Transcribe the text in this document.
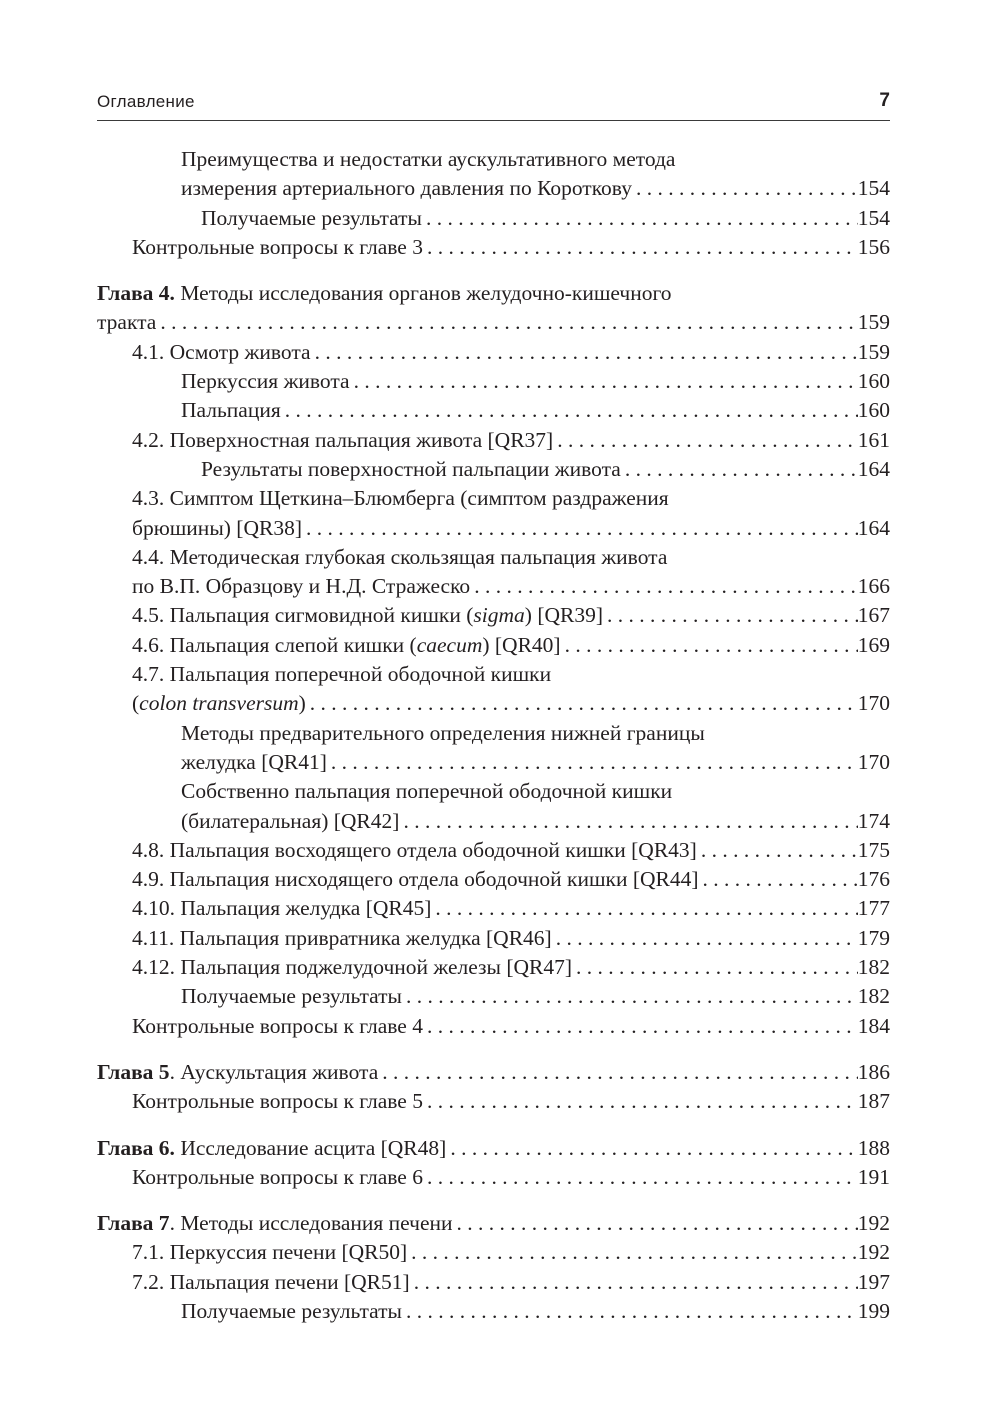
Оглавление	7
Преимущества и недостатки аускультативного метода
измерения артериального давления по Короткову . . .	154
Получаемые результаты . . .	154
Контрольные вопросы к главе 3 . . .	156
Глава 4. Методы исследования органов желудочно-кишечного
тракта . . .	159
4.1. Осмотр живота . . .	159
Перкуссия живота . . .	160
Пальпация . . .	160
4.2. Поверхностная пальпация живота [QR37] . . .	161
Результаты поверхностной пальпации живота . . .	164
4.3. Симптом Щеткина–Блюмберга (симптом раздражения
брюшины) [QR38] . . .	164
4.4. Методическая глубокая скользящая пальпация живота
по В.П. Образцову и Н.Д. Стражеско . . .	166
4.5. Пальпация сигмовидной кишки (sigma) [QR39] . . .	167
4.6. Пальпация слепой кишки (caecum) [QR40] . . .	169
4.7. Пальпация поперечной ободочной кишки
(colon transversum) . . .	170
Методы предварительного определения нижней границы
желудка [QR41] . . .	170
Собственно пальпация поперечной ободочной кишки
(билатеральная) [QR42] . . .	174
4.8. Пальпация восходящего отдела ободочной кишки [QR43] . . .	175
4.9. Пальпация нисходящего отдела ободочной кишки [QR44] . . .	176
4.10. Пальпация желудка [QR45] . . .	177
4.11. Пальпация привратника желудка [QR46] . . .	179
4.12. Пальпация поджелудочной железы [QR47] . . .	182
Получаемые результаты . . .	182
Контрольные вопросы к главе 4 . . .	184
Глава 5. Аускультация живота . . .	186
Контрольные вопросы к главе 5 . . .	187
Глава 6. Исследование асцита [QR48] . . .	188
Контрольные вопросы к главе 6 . . .	191
Глава 7. Методы исследования печени . . .	192
7.1. Перкуссия печени [QR50] . . .	192
7.2. Пальпация печени [QR51] . . .	197
Получаемые результаты . . .	199
